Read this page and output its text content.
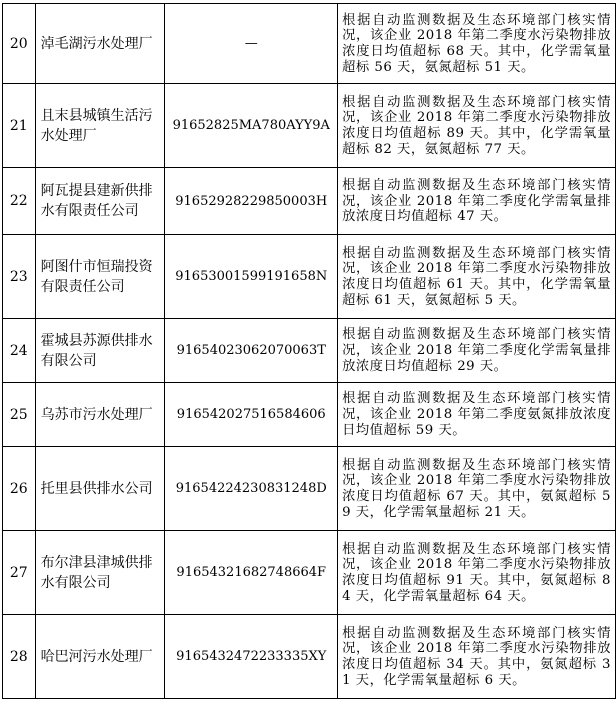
20	淖毛湖污水处理厂	—	根据自动监测数据及生态环境部门核实情况，该企业 2018 年第二季度水污染物排放浓度日均值超标 68 天。其中，化学需氧量超标 56 天，氨氮超标 51 天。
21	且末县城镇生活污水处理厂	91652825MA780AYY9A	根据自动监测数据及生态环境部门核实情况，该企业 2018 年第二季度水污染物排放浓度日均值超标 89 天。其中，化学需氧量超标 82 天，氨氮超标 77 天。
22	阿瓦提县建新供排水有限责任公司	91652928229850003H	根据自动监测数据及生态环境部门核实情况，该企业 2018 年第二季度化学需氧量排放浓度日均值超标 47 天。
23	阿图什市恒瑞投资有限责任公司	91653001599191658N	根据自动监测数据及生态环境部门核实情况，该企业 2018 年第二季度水污染物排放浓度日均值超标 61 天。其中，化学需氧量超标 61 天，氨氮超标 5 天。
24	霍城县苏源供排水有限公司	91654023062070063T	根据自动监测数据及生态环境部门核实情况，该企业 2018 年第二季度化学需氧量排放浓度日均值超标 29 天。
25	乌苏市污水处理厂	916542027516584606	根据自动监测数据及生态环境部门核实情况，该企业 2018 年第二季度氨氮排放浓度日均值超标 59 天。
26	托里县供排水公司	91654224230831248D	根据自动监测数据及生态环境部门核实情况，该企业 2018 年第二季度水污染物排放浓度日均值超标 67 天。其中，氨氮超标 59 天，化学需氧量超标 21 天。
27	布尔津县津城供排水有限公司	91654321682748664F	根据自动监测数据及生态环境部门核实情况，该企业 2018 年第二季度水污染物排放浓度日均值超标 91 天。其中，氨氮超标 84 天，化学需氧量超标 64 天。
28	哈巴河污水处理厂	9165432472233335XY	根据自动监测数据及生态环境部门核实情况，该企业 2018 年第二季度水污染物排放浓度日均值超标 34 天。其中，氨氮超标 31 天，化学需氧量超标 6 天。
